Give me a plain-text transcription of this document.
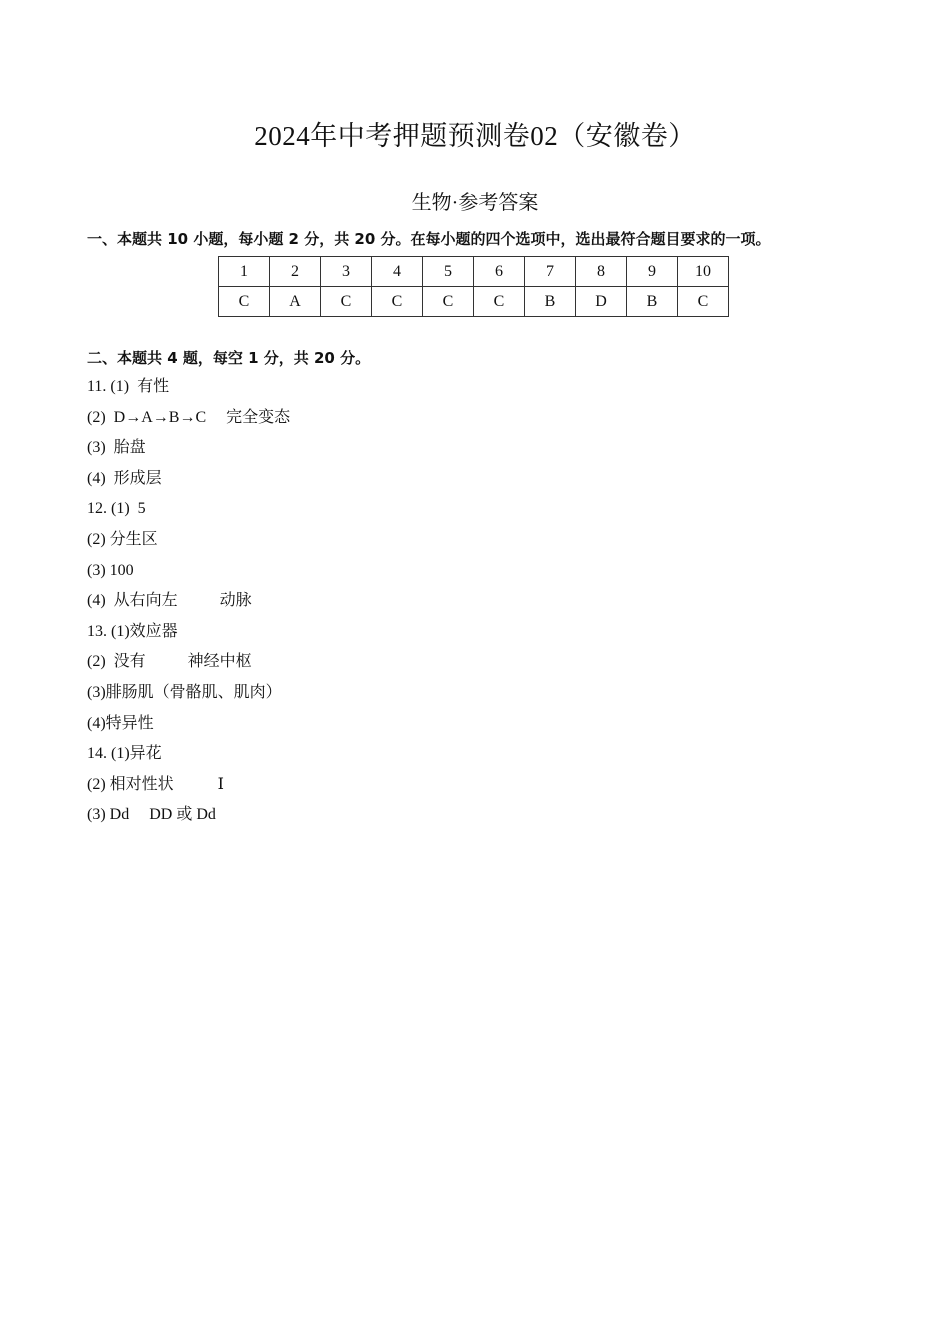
2024年中考押题预测卷02（安徽卷）
生物·参考答案
一、本题共 10 小题，每小题 2 分，共 20 分。在每小题的四个选项中，选出最符合题目要求的一项。
1	2	3	4	5	6	7	8	9	10
C	A	C	C	C	C	B	D	B	C
二、本题共 4 题，每空 1 分，共 20 分。
11. (1)  有性
(2)  D→A→B→C 完全变态
(3)  胎盘
(4)  形成层
12. (1)  5
(2) 分生区
(3) 100
(4)  从右向左	动脉
13. (1)效应器
(2)  没有	神经中枢
(3)腓肠肌（骨骼肌、肌肉）
(4)特异性
14. (1)异花
(2) 相对性状	Ⅰ
(3) Dd DD 或 Dd
